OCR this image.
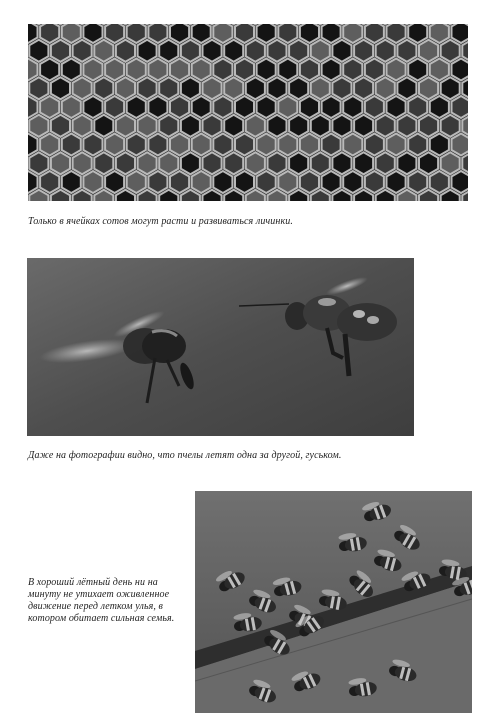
Только в ячейках сотов могут расти и развиваться личинки.
Даже на фотографии видно, что пчелы летят одна за другой, гуськом.
В хороший лётный день ни на минуту не утихает оживленное движение перед летком улья, в котором обитает сильная семья.
